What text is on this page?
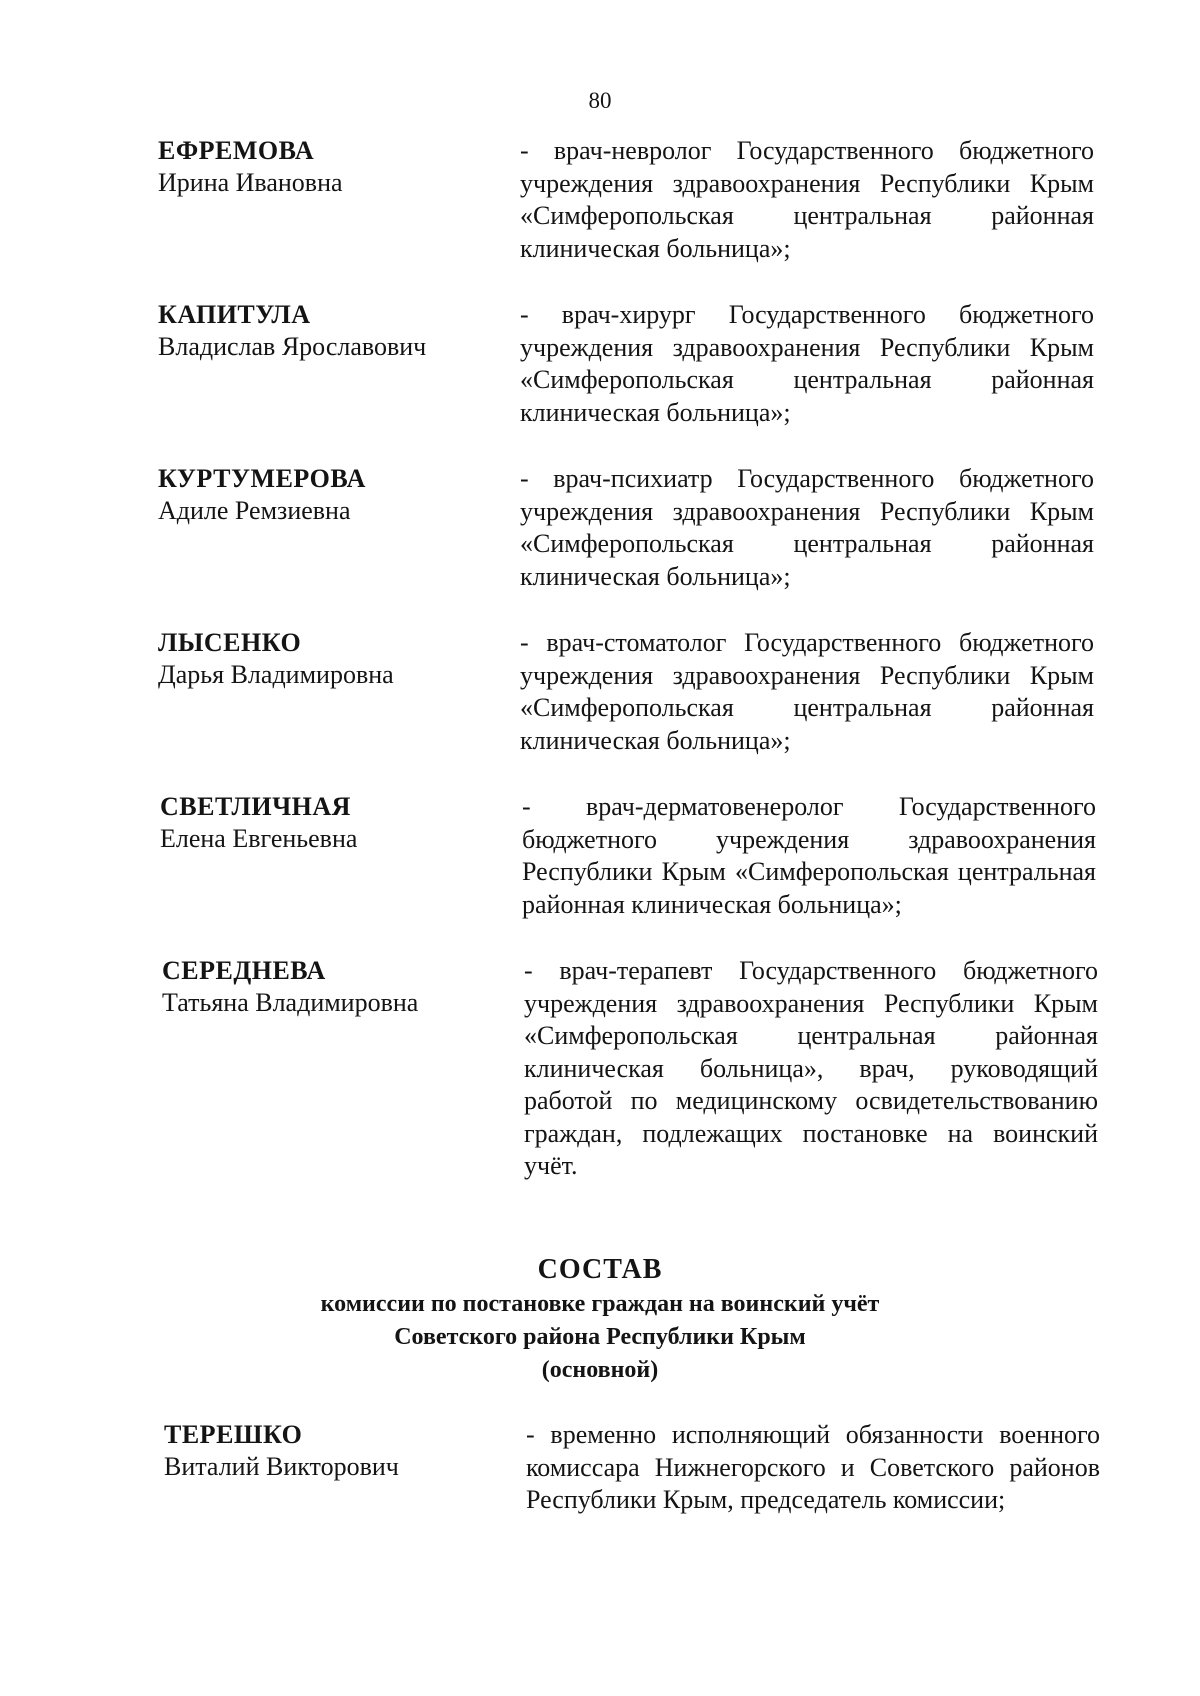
80
ЕФРЕМОВА
Ирина Ивановна
- врач-невролог Государственного бюджетного учреждения здравоохранения Республики Крым «Симферопольская центральная районная клиническая больница»;
КАПИТУЛА
Владислав Ярославович
- врач-хирург Государственного бюджетного учреждения здравоохранения Республики Крым «Симферопольская центральная районная клиническая больница»;
КУРТУМЕРОВА
Адиле Ремзиевна
- врач-психиатр Государственного бюджетного учреждения здравоохранения Республики Крым «Симферопольская центральная районная клиническая больница»;
ЛЫСЕНКО
Дарья Владимировна
- врач-стоматолог Государственного бюджетного учреждения здравоохранения Республики Крым «Симферопольская центральная районная клиническая больница»;
СВЕТЛИЧНАЯ
Елена Евгеньевна
- врач-дерматовенеролог Государственного бюджетного учреждения здравоохранения Республики Крым «Симферопольская центральная районная клиническая больница»;
СЕРЕДНЕВА
Татьяна Владимировна
- врач-терапевт Государственного бюджетного учреждения здравоохранения Республики Крым «Симферопольская центральная районная клиническая больница», врач, руководящий работой по медицинскому освидетельствованию граждан, подлежащих постановке на воинский учёт.
СОСТАВ
комиссии по постановке граждан на воинский учёт
Советского района Республики Крым
(основной)
ТЕРЕШКО
Виталий Викторович
- временно исполняющий обязанности военного комиссара Нижнегорского и Советского районов Республики Крым, председатель комиссии;
